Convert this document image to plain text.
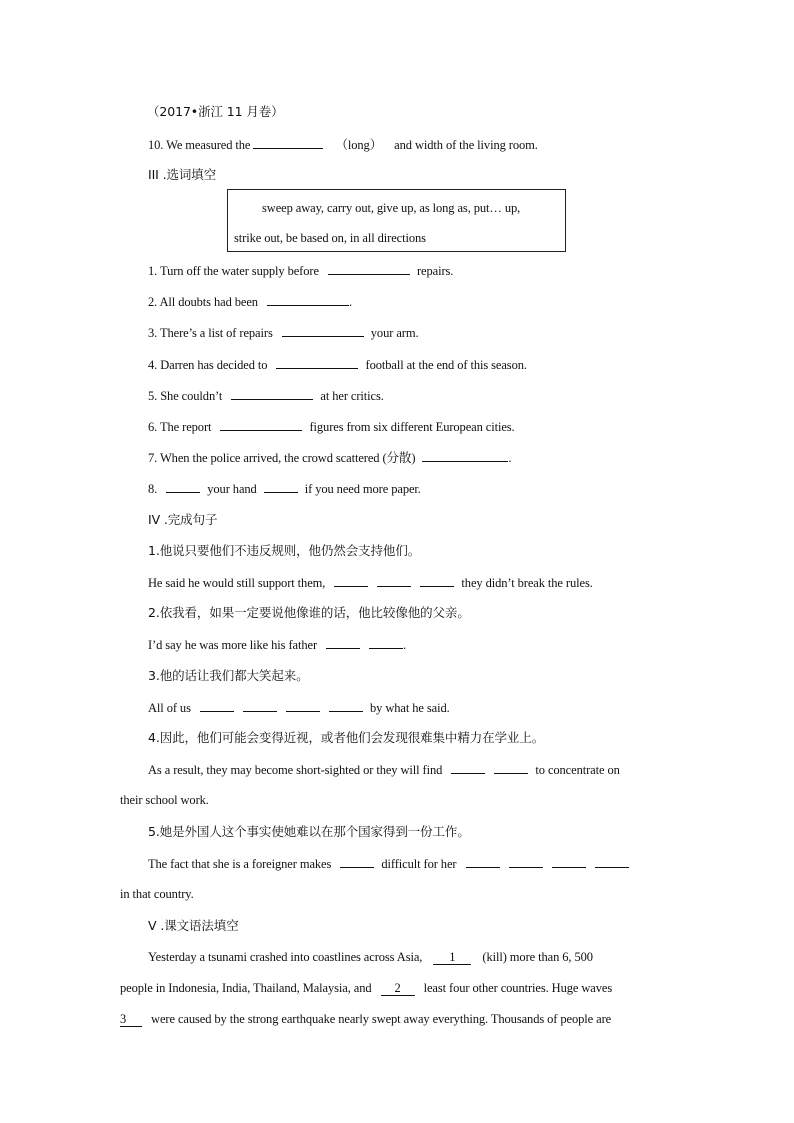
（2017•浙江 11 月卷）
10. We measured the	（long） and width of the living room.
III .选词填空
sweep away, carry out, give up, as long as, put… up,
strike out, be based on, in all directions
1. Turn off the water supply before	repairs.
2. All doubts had been	.
3. There’s a list of repairs	your arm.
4. Darren has decided to	football at the end of this season.
5. She couldn’t	at her critics.
6. The report	figures from six different European cities.
7. When the police arrived, the crowd scattered (分散)	.
8.	your hand	if you need more paper.
IV .完成句子
1.他说只要他们不违反规则，他仍然会支持他们。
He said he would still support them,	they didn’t break the rules.
2.依我看，如果一定要说他像谁的话，他比较像他的父亲。
I’d say he was more like his father	.
3.他的话让我们都大笑起来。
All of us	by what he said.
4.因此，他们可能会变得近视，或者他们会发现很难集中精力在学业上。
As a result, they may become short-sighted or they will find	to concentrate on
their school work.
5.她是外国人这个事实使她难以在那个国家得到一份工作。
The fact that she is a foreigner makes	difficult for her
in that country.
V .课文语法填空
Yesterday a tsunami crashed into coastlines across Asia, 1 (kill) more than 6, 500
people in Indonesia, India, Thailand, Malaysia, and 2 least four other countries. Huge waves
3 were caused by the strong earthquake nearly swept away everything. Thousands of people are
